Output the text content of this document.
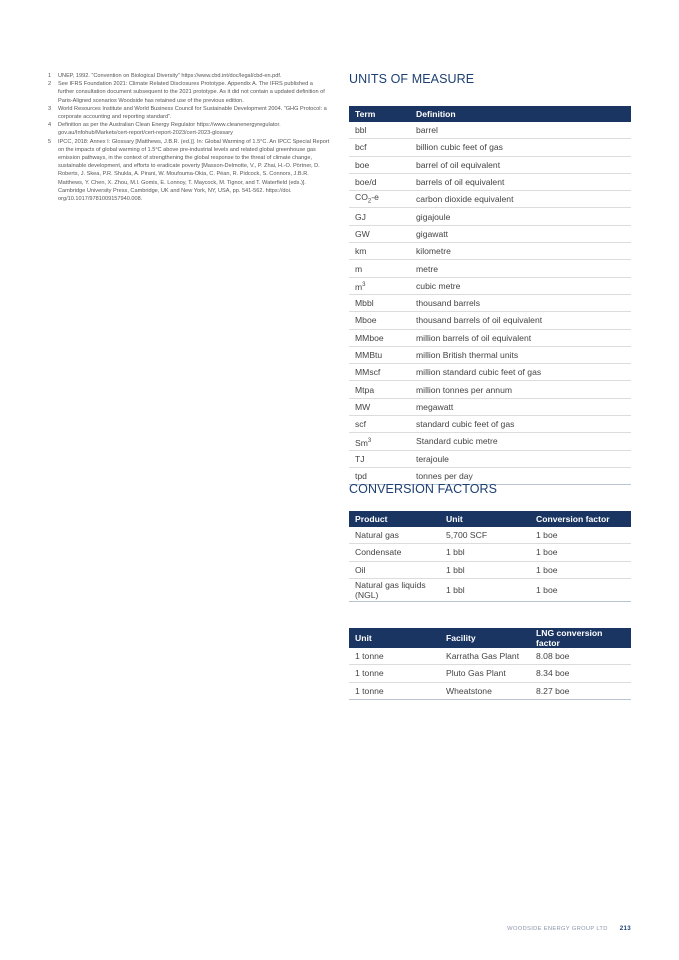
1	UNEP, 1992. “Convention on Biological Diversity” https://www.cbd.int/doc/legal/cbd-en.pdf.
2	See IFRS Foundation 2021: Climate Related Disclosures Prototype. Appendix A. The IFRS published a further consultation document subsequent to the 2021 prototype. As it did not contain a updated definition of Paris-Aligned scenarios Woodside has retained use of the previous edition.
3	World Resources Institute and World Business Council for Sustainable Development 2004. “GHG Protocol: a corporate accounting and reporting standard”.
4	Definition as per the Australian Clean Energy Regulator https://www.cleanenergyregulator. gov.au/Infohub/Markets/cert-report/cert-report-2023/cert-2023-glossary
5	IPCC, 2018: Annex I: Glossary [Matthews, J.B.R. (ed.)]. In: Global Warming of 1.5°C. An IPCC Special Report on the impacts of global warming of 1.5°C above pre-industrial levels and related global greenhouse gas emission pathways, in the context of strengthening the global response to the threat of climate change, sustainable development, and efforts to eradicate poverty [Masson-Delmotte, V., P. Zhai, H.-O. Pörtner, D. Roberts, J. Skea, P.R. Shukla, A. Pirani, W. Moufouma-Okia, C. Péan, R. Pidcock, S. Connors, J.B.R. Matthews, Y. Chen, X. Zhou, M.I. Gomis, E. Lonnoy, T. Maycock, M. Tignor, and T. Waterfield (eds.)]. Cambridge University Press, Cambridge, UK and New York, NY, USA, pp. 541-562. https://doi. org/10.1017/9781009157940.008.
UNITS OF MEASURE
Term	Definition
bbl	barrel
bcf	billion cubic feet of gas
boe	barrel of oil equivalent
boe/d	barrels of oil equivalent
$CO_2-e$	carbon dioxide equivalent
GJ	gigajoule
GW	gigawatt
km	kilometre
m	metre
$m^3$	cubic metre
Mbbl	thousand barrels
Mboe	thousand barrels of oil equivalent
MMboe	million barrels of oil equivalent
MMBtu	million British thermal units
MMscf	million standard cubic feet of gas
Mtpa	million tonnes per annum
MW	megawatt
scf	standard cubic feet of gas
Sm$^3$	Standard cubic metre
TJ	terajoule
tpd	tonnes per day
CONVERSION FACTORS
Product	Unit	Conversion factor
Natural gas	5,700 SCF	1 boe
Condensate	1 bbl	1 boe
Oil	1 bbl	1 boe
Natural gas liquids (NGL)	1 bbl	1 boe
Unit	Facility	LNG conversion factor
1 tonne	Karratha Gas Plant	8.08 boe
1 tonne	Pluto Gas Plant	8.34 boe
1 tonne	Wheatstone	8.27 boe
WOODSIDE ENERGY GROUP LTD 213
